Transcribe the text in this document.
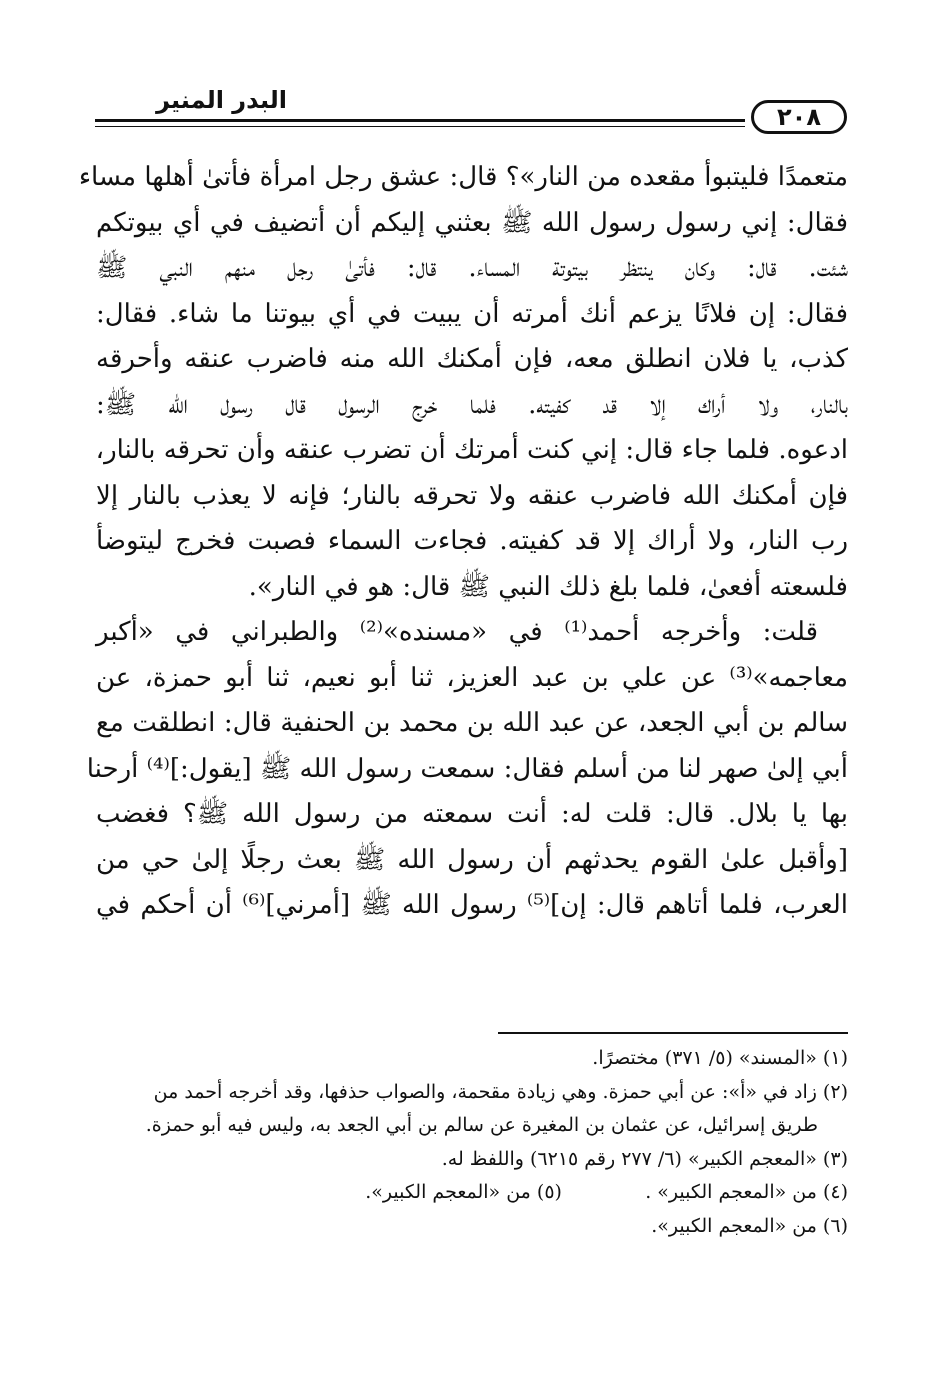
البدر المنير
٢٠٨
متعمدًا فليتبوأ مقعده من النار»؟ قال: عشق رجل امرأة فأتىٰ أهلها مساء
فقال: إني رسول رسول الله ﷺ بعثني إليكم أن أتضيف في أي بيوتكم
شئت. قال: وكان ينتظر بيتوتة المساء. قال: فأتىٰ رجل منهم النبي ﷺ
فقال: إن فلانًا يزعم أنك أمرته أن يبيت في أي بيوتنا ما شاء. فقال:
كذب، يا فلان انطلق معه، فإن أمكنك الله منه فاضرب عنقه وأحرقه
بالنار، ولا أراك إلا قد كفيته. فلما خرج الرسول قال رسول الله ﷺ:
ادعوه. فلما جاء قال: إني كنت أمرتك أن تضرب عنقه وأن تحرقه بالنار،
فإن أمكنك الله فاضرب عنقه ولا تحرقه بالنار؛ فإنه لا يعذب بالنار إلا
رب النار، ولا أراك إلا قد كفيته. فجاءت السماء فصبت فخرج ليتوضأ
فلسعته أفعىٰ، فلما بلغ ذلك النبي ﷺ قال: هو في النار».
قلت: وأخرجه أحمد⁽¹⁾ في «مسنده»⁽²⁾ والطبراني في «أكبر
معاجمه»⁽³⁾ عن علي بن عبد العزيز، ثنا أبو نعيم، ثنا أبو حمزة، عن
سالم بن أبي الجعد، عن عبد الله بن محمد بن الحنفية قال: انطلقت مع
أبي إلىٰ صهر لنا من أسلم فقال: سمعت رسول الله ﷺ [يقول:]⁽⁴⁾ أرحنا
بها يا بلال. قال: قلت له: أنت سمعته من رسول الله ﷺ؟ فغضب
[وأقبل علىٰ القوم يحدثهم أن رسول الله ﷺ بعث رجلًا إلىٰ حي من
العرب، فلما أتاهم قال: إن]⁽⁵⁾ رسول الله ﷺ [أمرني]⁽⁶⁾ أن أحكم في
(١) «المسند» (٥/ ٣٧١) مختصرًا.
(٢) زاد في «أ»: عن أبي حمزة. وهي زيادة مقحمة، والصواب حذفها، وقد أخرجه أحمد من
طريق إسرائيل، عن عثمان بن المغيرة عن سالم بن أبي الجعد به، وليس فيه أبو حمزة.
(٣) «المعجم الكبير» (٦/ ٢٧٧ رقم ٦٢١٥) واللفظ له.
(٤) من «المعجم الكبير» . (٥) من «المعجم الكبير».
(٦) من «المعجم الكبير».
